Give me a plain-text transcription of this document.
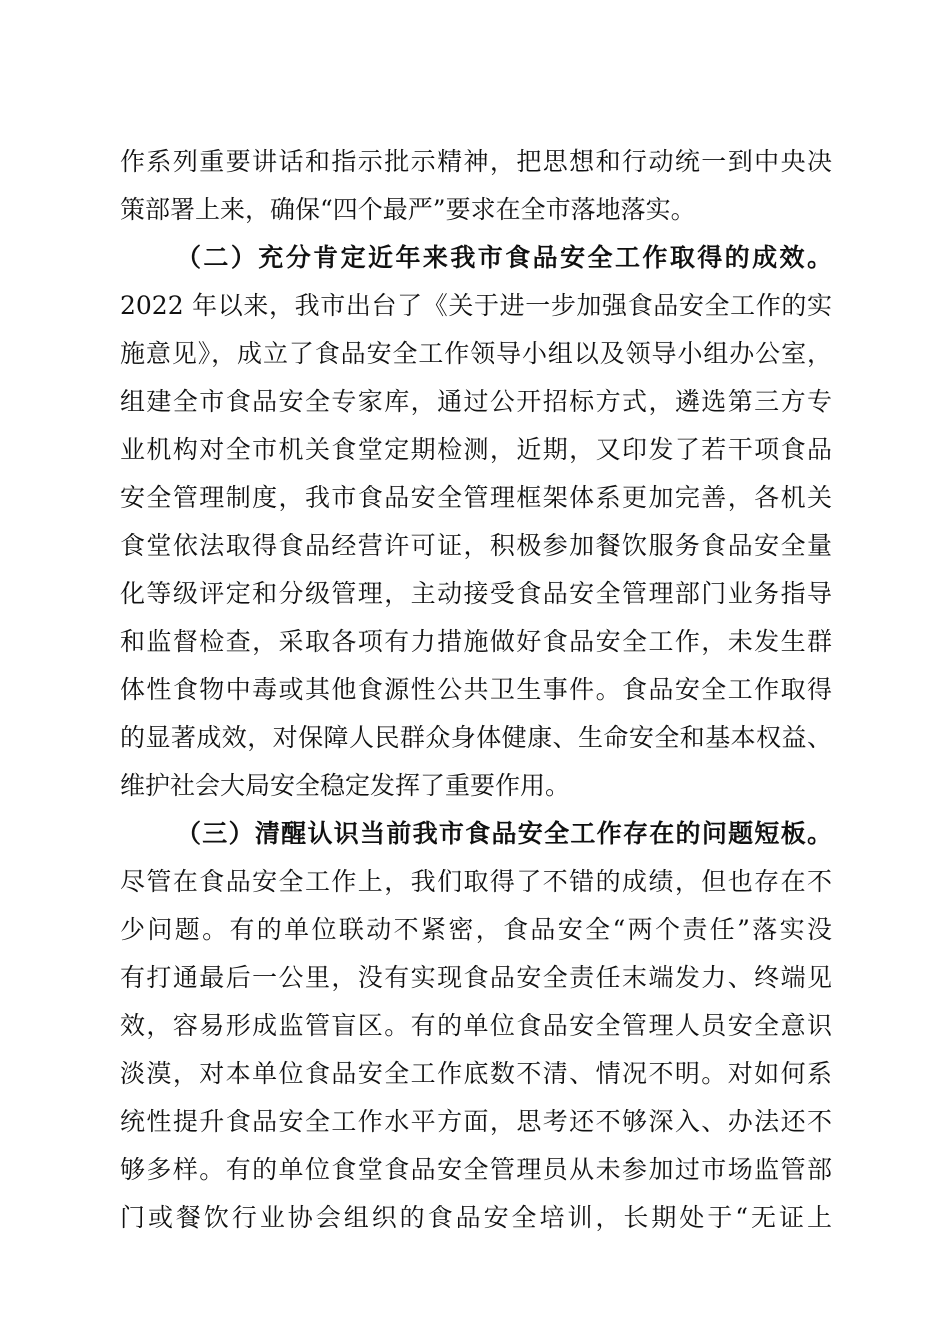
作系列重要讲话和指示批示精神，把思想和行动统一到中央决
策部署上来，确保“四个最严”要求在全市落地落实。
（二）充分肯定近年来我市食品安全工作取得的成效。
2022 年以来，我市出台了《关于进一步加强食品安全工作的实
施意见》，成立了食品安全工作领导小组以及领导小组办公室，
组建全市食品安全专家库，通过公开招标方式，遴选第三方专
业机构对全市机关食堂定期检测，近期，又印发了若干项食品
安全管理制度，我市食品安全管理框架体系更加完善，各机关
食堂依法取得食品经营许可证，积极参加餐饮服务食品安全量
化等级评定和分级管理，主动接受食品安全管理部门业务指导
和监督检查，采取各项有力措施做好食品安全工作，未发生群
体性食物中毒或其他食源性公共卫生事件。食品安全工作取得
的显著成效，对保障人民群众身体健康、生命安全和基本权益、
维护社会大局安全稳定发挥了重要作用。
（三）清醒认识当前我市食品安全工作存在的问题短板。
尽管在食品安全工作上，我们取得了不错的成绩，但也存在不
少问题。有的单位联动不紧密，食品安全“两个责任”落实没
有打通最后一公里，没有实现食品安全责任末端发力、终端见
效，容易形成监管盲区。有的单位食品安全管理人员安全意识
淡漠，对本单位食品安全工作底数不清、情况不明。对如何系
统性提升食品安全工作水平方面，思考还不够深入、办法还不
够多样。有的单位食堂食品安全管理员从未参加过市场监管部
门或餐饮行业协会组织的食品安全培训，长期处于“无证上
